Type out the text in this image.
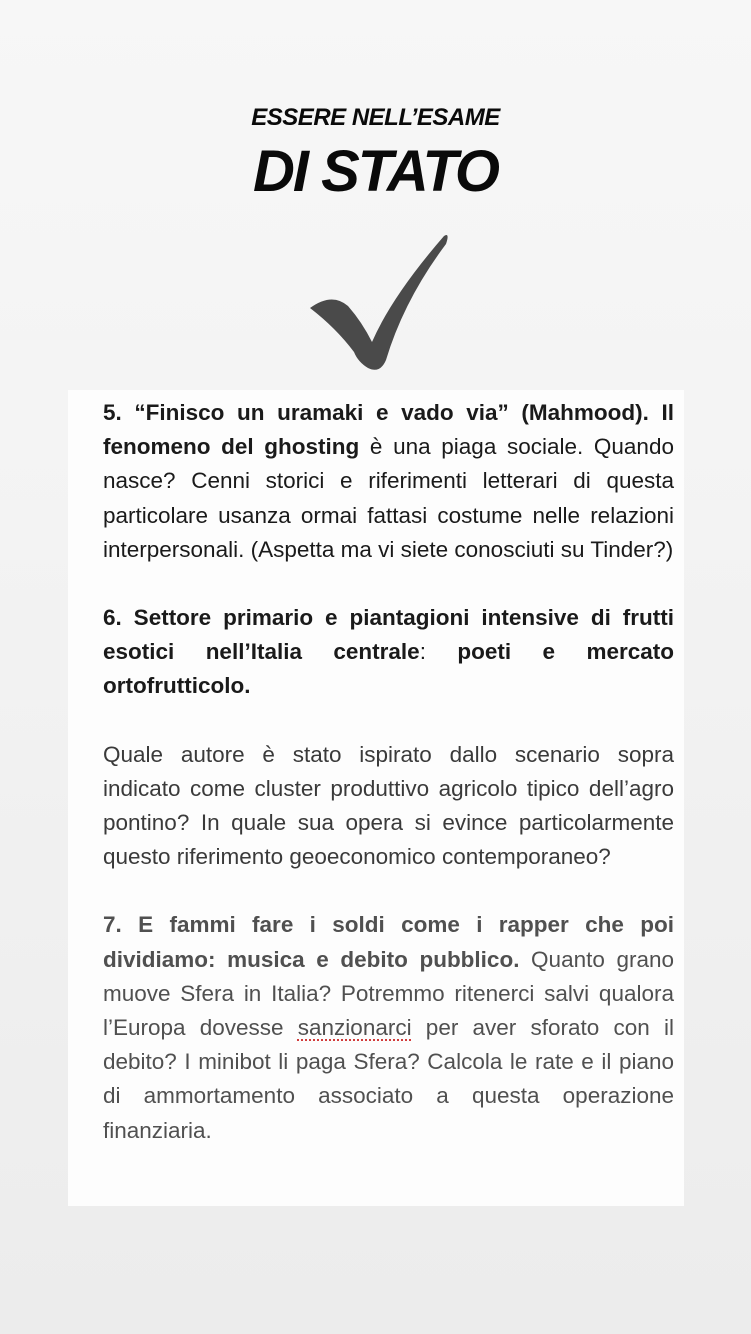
ESSERE NELL’ESAME
DI STATO

5. “Finisco un uramaki e vado via” (Mahmood). Il fenomeno del ghosting è una piaga sociale. Quando nasce? Cenni storici e riferimenti letterari di questa particolare usanza ormai fattasi costume nelle relazioni interpersonali. (Aspetta ma vi siete conosciuti su Tinder?)

6. Settore primario e piantagioni intensive di frutti esotici nell’Italia centrale: poeti e mercato ortofrutticolo.

Quale autore è stato ispirato dallo scenario sopra indicato come cluster produttivo agricolo tipico dell’agro pontino? In quale sua opera si evince particolarmente questo riferimento geoeconomico contemporaneo?

7. E fammi fare i soldi come i rapper che poi dividiamo: musica e debito pubblico. Quanto grano muove Sfera in Italia? Potremmo ritenerci salvi qualora l’Europa dovesse sanzionarci per aver sforato con il debito? I minibot li paga Sfera? Calcola le rate e il piano di ammortamento associato a questa operazione finanziaria.
